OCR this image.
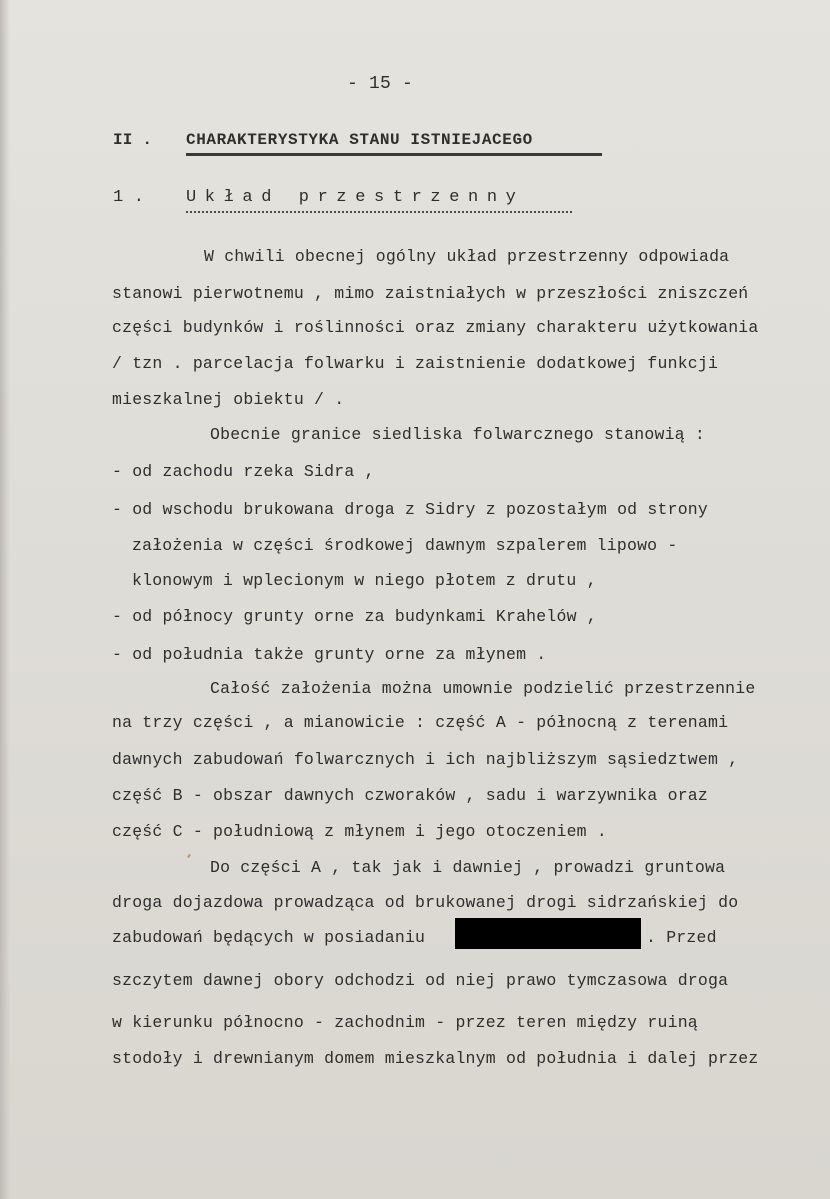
- 15 -
II . CHARAKTERYSTYKA STANU ISTNIEJACEGO
1 . Układ przestrzenny
W chwili obecnej ogólny układ przestrzenny odpowiada
stanowi pierwotnemu , mimo zaistniałych w przeszłości zniszczeń
części budynków i roślinności oraz zmiany charakteru użytkowania
/ tzn . parcelacja folwarku i zaistnienie dodatkowej funkcji
mieszkalnej obiektu / .
Obecnie granice siedliska folwarcznego stanowią :
- od zachodu rzeka Sidra ,
- od wschodu brukowana droga z Sidry z pozostałym od strony
założenia w części środkowej dawnym szpalerem lipowo -
klonowym i wplecionym w niego płotem z drutu ,
- od północy grunty orne za budynkami Krahelów ,
- od południa także grunty orne za młynem .
Całość założenia można umownie podzielić przestrzennie
na trzy części , a mianowicie : część A - północną z terenami
dawnych zabudowań folwarcznych i ich najbliższym sąsiedztwem ,
część B - obszar dawnych czworaków , sadu i warzywnika oraz
część C - południową z młynem i jego otoczeniem .
Do części A , tak jak i dawniej , prowadzi gruntowa
droga dojazdowa prowadząca od brukowanej drogi sidrzańskiej do
zabudowań będących w posiadaniu	. Przed
szczytem dawnej obory odchodzi od niej prawo tymczasowa droga
w kierunku północno - zachodnim - przez teren między ruiną
stodoły i drewnianym domem mieszkalnym od południa i dalej przez
